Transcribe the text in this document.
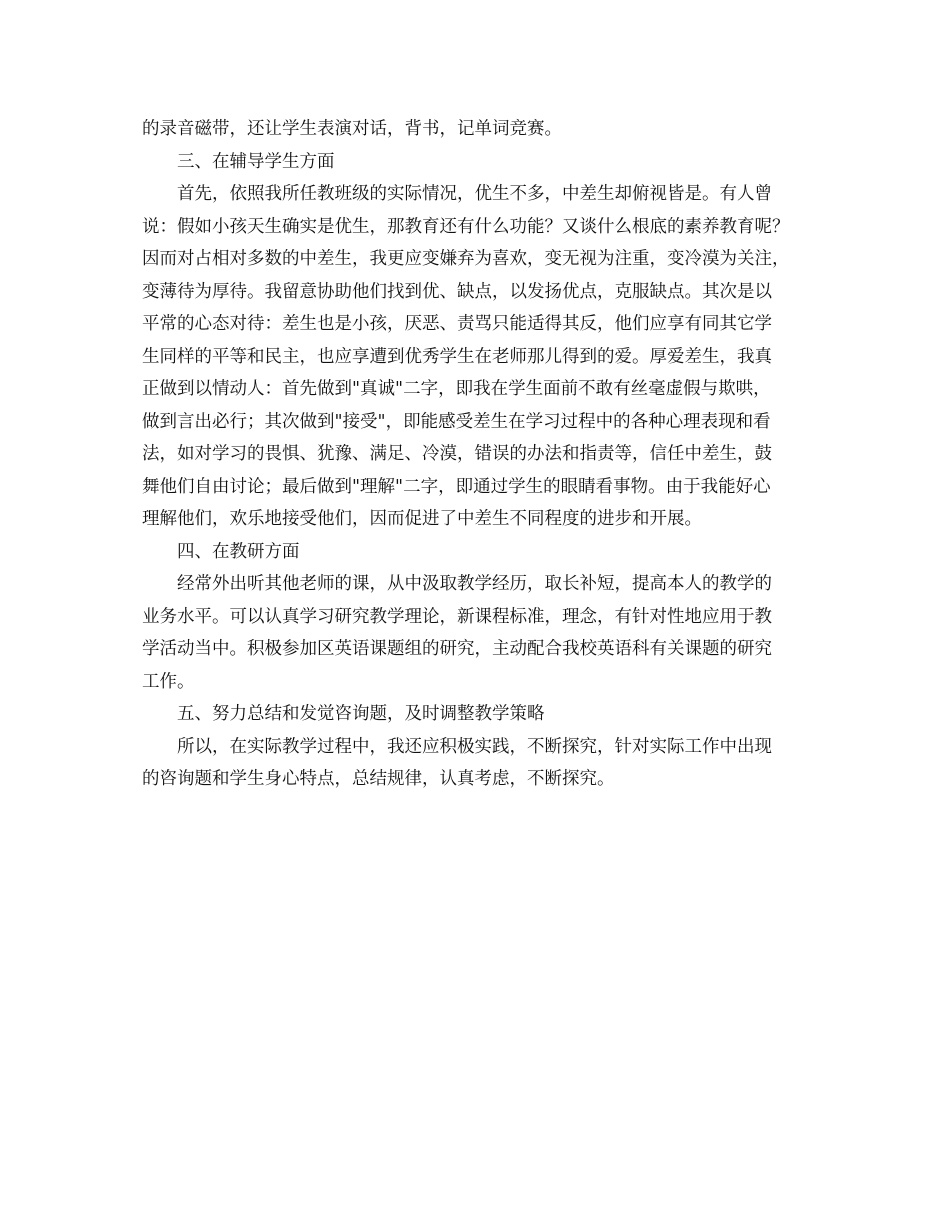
的录音磁带，还让学生表演对话，背书，记单词竞赛。
三、在辅导学生方面
首先，依照我所任教班级的实际情况，优生不多，中差生却俯视皆是。有人曾
说：假如小孩天生确实是优生，那教育还有什么功能？又谈什么根底的素养教育呢？
因而对占相对多数的中差生，我更应变嫌弃为喜欢，变无视为注重，变冷漠为关注，
变薄待为厚待。我留意协助他们找到优、缺点，以发扬优点，克服缺点。其次是以
平常的心态对待：差生也是小孩，厌恶、责骂只能适得其反，他们应享有同其它学
生同样的平等和民主，也应享遭到优秀学生在老师那儿得到的爱。厚爱差生，我真
正做到以情动人：首先做到"真诚"二字，即我在学生面前不敢有丝毫虚假与欺哄，
做到言出必行；其次做到"接受"，即能感受差生在学习过程中的各种心理表现和看
法，如对学习的畏惧、犹豫、满足、冷漠，错误的办法和指责等，信任中差生，鼓
舞他们自由讨论；最后做到"理解"二字，即通过学生的眼睛看事物。由于我能好心
理解他们，欢乐地接受他们，因而促进了中差生不同程度的进步和开展。
四、在教研方面
经常外出听其他老师的课，从中汲取教学经历，取长补短，提高本人的教学的
业务水平。可以认真学习研究教学理论，新课程标准，理念，有针对性地应用于教
学活动当中。积极参加区英语课题组的研究，主动配合我校英语科有关课题的研究
工作。
五、努力总结和发觉咨询题，及时调整教学策略
所以，在实际教学过程中，我还应积极实践，不断探究，针对实际工作中出现
的咨询题和学生身心特点，总结规律，认真考虑，不断探究。
